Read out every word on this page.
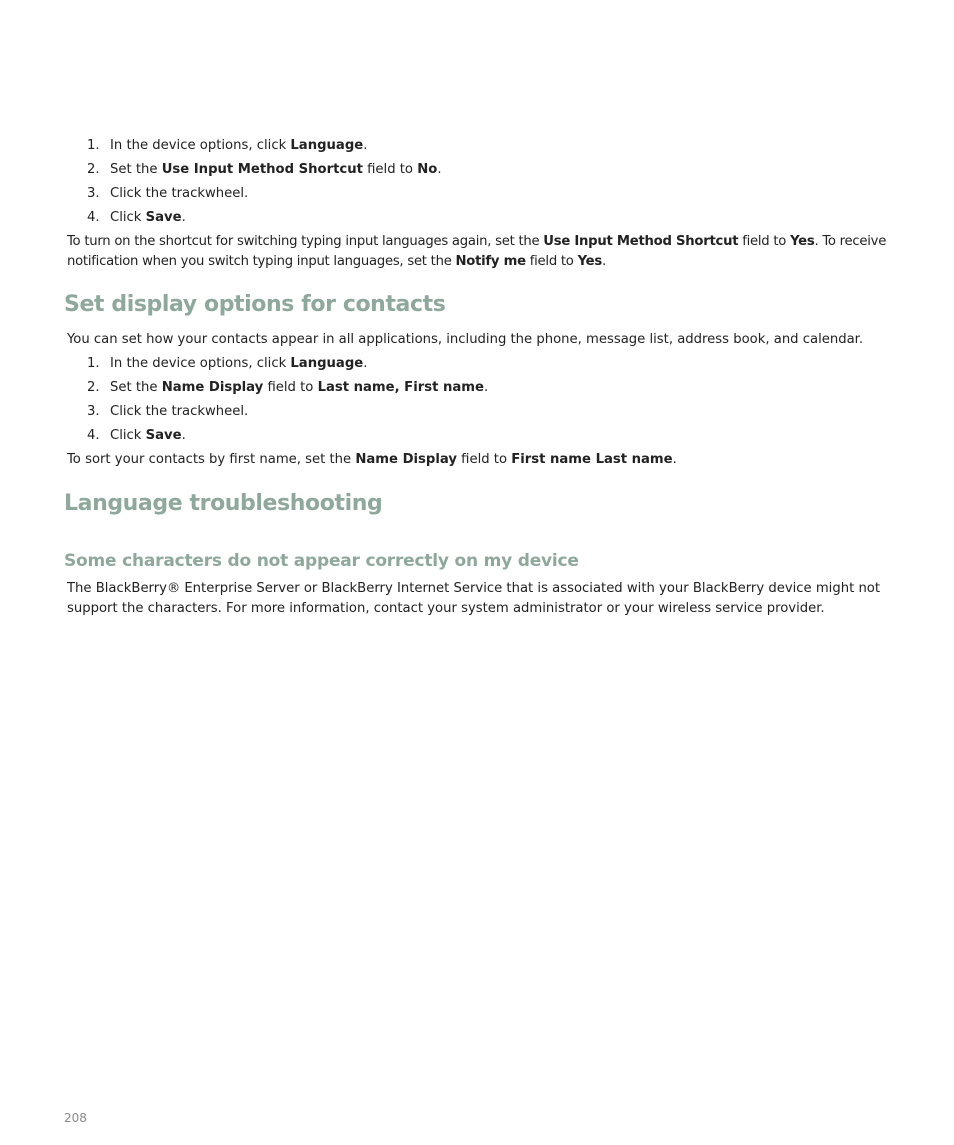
1. In the device options, click Language.
2. Set the Use Input Method Shortcut field to No.
3. Click the trackwheel.
4. Click Save.

To turn on the shortcut for switching typing input languages again, set the Use Input Method Shortcut field to Yes. To receive notification when you switch typing input languages, set the Notify me field to Yes.

Set display options for contacts

You can set how your contacts appear in all applications, including the phone, message list, address book, and calendar.

1. In the device options, click Language.
2. Set the Name Display field to Last name, First name.
3. Click the trackwheel.
4. Click Save.

To sort your contacts by first name, set the Name Display field to First name Last name.

Language troubleshooting
Some characters do not appear correctly on my device

The BlackBerry® Enterprise Server or BlackBerry Internet Service that is associated with your BlackBerry device might not support the characters. For more information, contact your system administrator or your wireless service provider.

208
